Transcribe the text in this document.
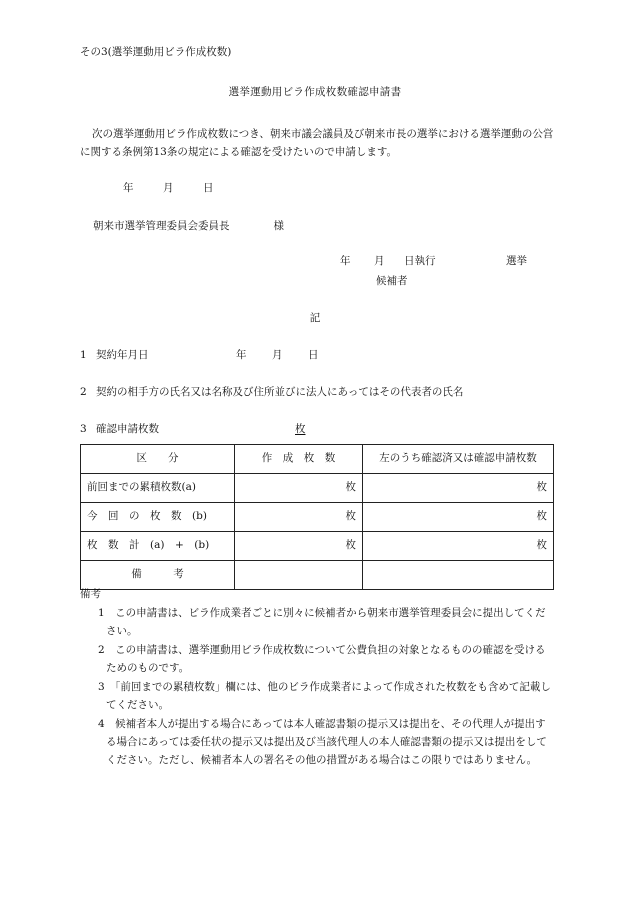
その3(選挙運動用ビラ作成枚数)
選挙運動用ビラ作成枚数確認申請書
次の選挙運動用ビラ作成枚数につき、朝来市議会議員及び朝来市長の選挙における選挙運動の公営に関する条例第13条の規定による確認を受けたいので申請します。
年	月	日
朝来市選挙管理委員会委員長	様
年 月 日執行	選挙
候補者
記
1 契約年月日	年 月 日
2 契約の相手方の氏名又は名称及び住所並びに法人にあってはその代表者の氏名
3 確認申請枚数	枚
区　　分	作　成　枚　数	左のうち確認済又は確認申請枚数
前回までの累積枚数(a)	枚	枚
今　回　の　枚　数　(b)	枚	枚
枚　数　計　(a)　+　(b)	枚	枚
備　　　考		
備考
1　この申請書は、ビラ作成業者ごとに別々に候補者から朝来市選挙管理委員会に提出してください。
2　この申請書は、選挙運動用ビラ作成枚数について公費負担の対象となるものの確認を受けるためのものです。
3　「前回までの累積枚数」欄には、他のビラ作成業者によって作成された枚数をも含めて記載してください。
4　候補者本人が提出する場合にあっては本人確認書類の提示又は提出を、その代理人が提出する場合にあっては委任状の提示又は提出及び当該代理人の本人確認書類の提示又は提出をしてください。ただし、候補者本人の署名その他の措置がある場合はこの限りではありません。
